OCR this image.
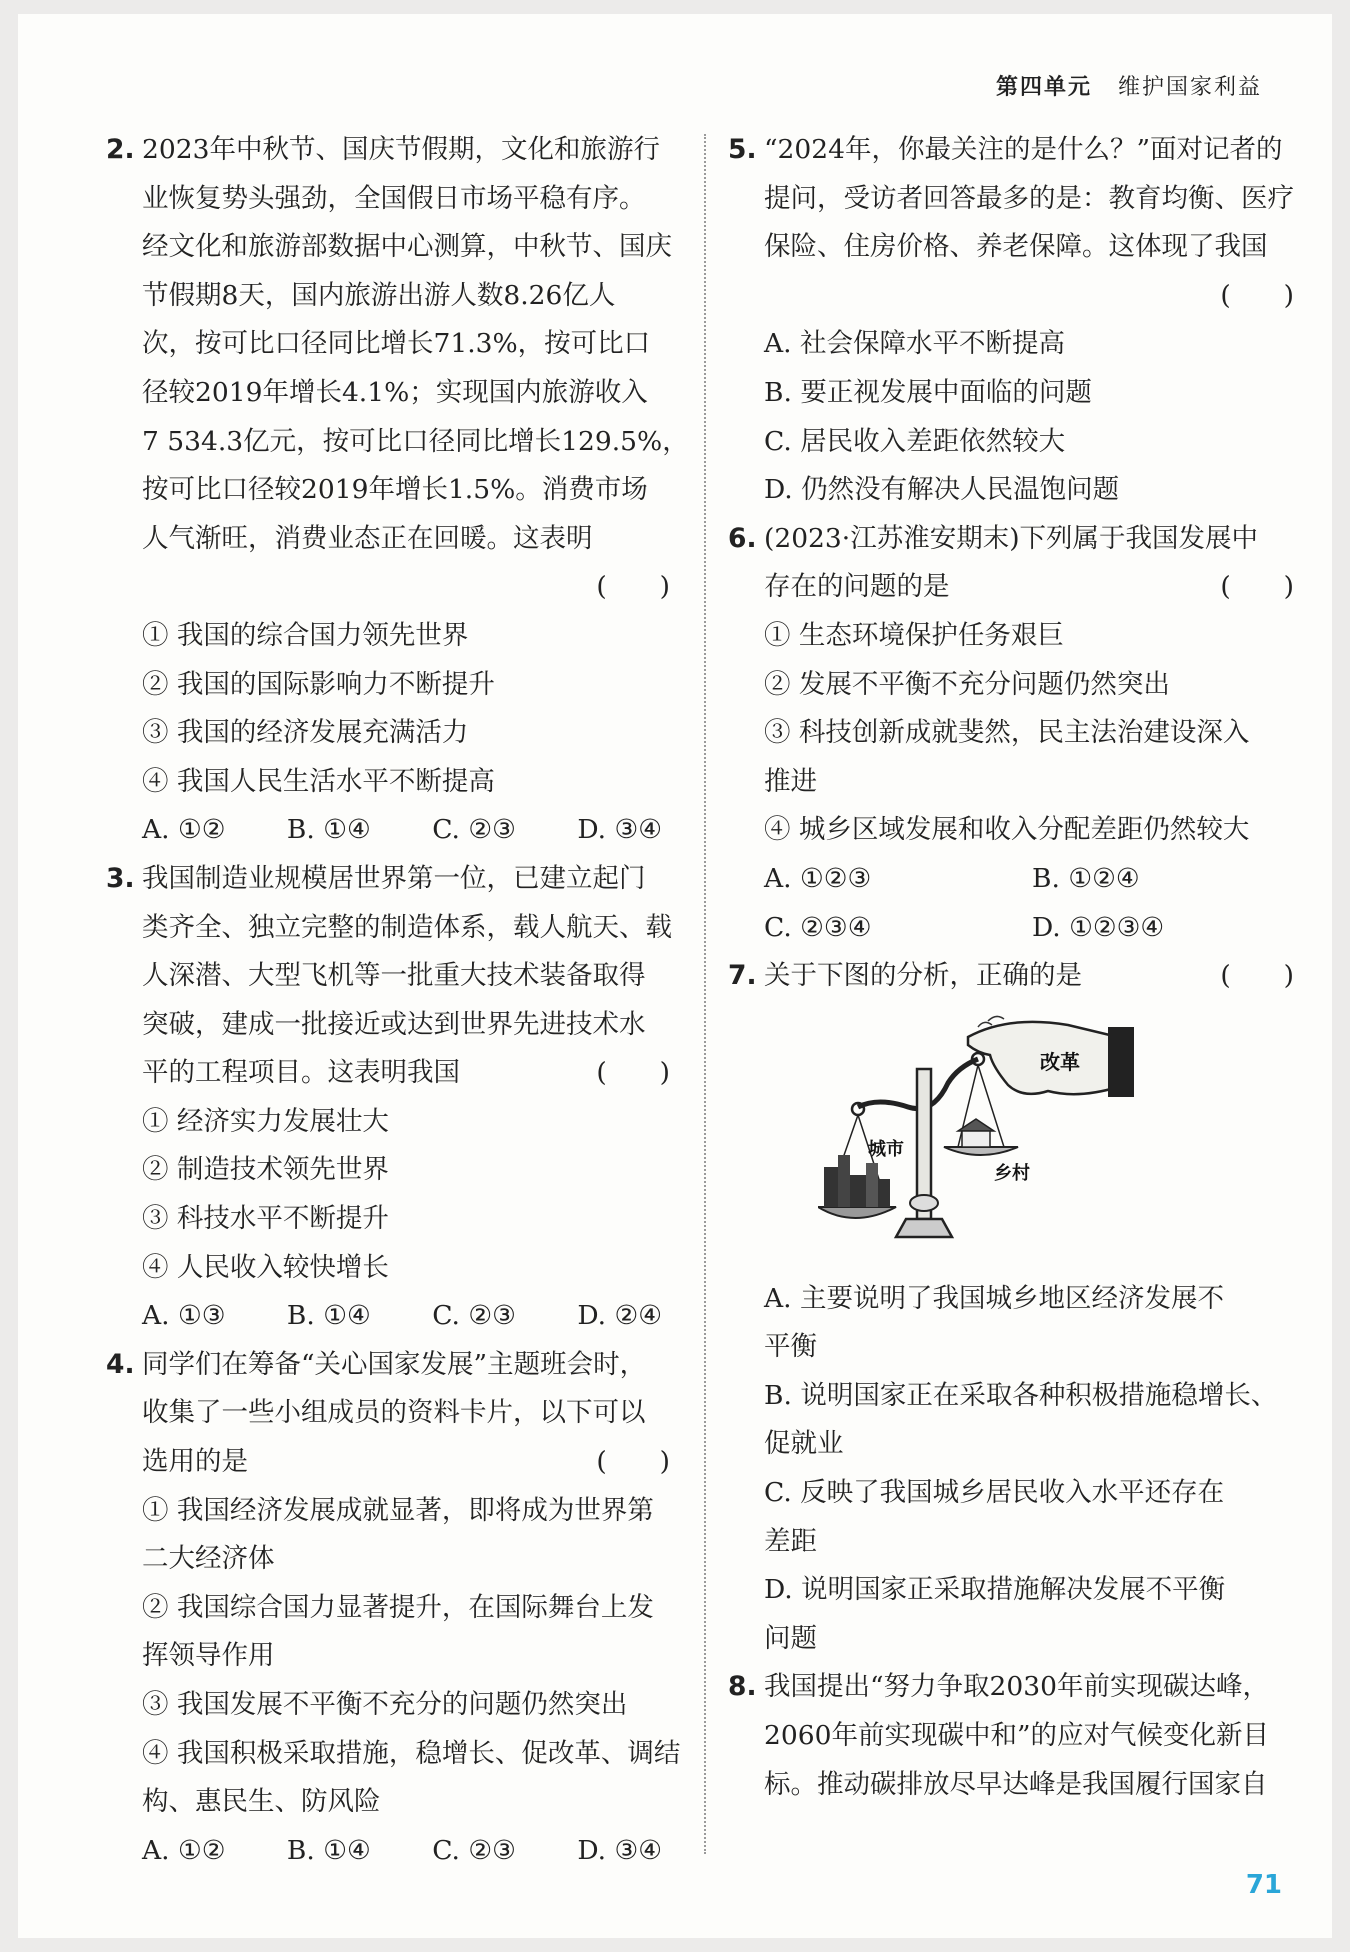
第四单元 维护国家利益
2. 2023年中秋节、国庆节假期，文化和旅游行
业恢复势头强劲，全国假日市场平稳有序。
经文化和旅游部数据中心测算，中秋节、国庆
节假期8天，国内旅游出游人数8.26亿人
次，按可比口径同比增长71.3%，按可比口
径较2019年增长4.1%；实现国内旅游收入
7 534.3亿元，按可比口径同比增长129.5%，
按可比口径较2019年增长1.5%。消费市场
人气渐旺，消费业态正在回暖。这表明
(　　)
① 我国的综合国力领先世界
② 我国的国际影响力不断提升
③ 我国的经济发展充满活力
④ 我国人民生活水平不断提高
A. ①② B. ①④ C. ②③ D. ③④
3. 我国制造业规模居世界第一位，已建立起门
类齐全、独立完整的制造体系，载人航天、载
人深潜、大型飞机等一批重大技术装备取得
突破，建成一批接近或达到世界先进技术水
平的工程项目。这表明我国	(　　)
① 经济实力发展壮大
② 制造技术领先世界
③ 科技水平不断提升
④ 人民收入较快增长
A. ①③ B. ①④ C. ②③ D. ②④
4. 同学们在筹备“关心国家发展”主题班会时，
收集了一些小组成员的资料卡片，以下可以
选用的是	(　　)
① 我国经济发展成就显著，即将成为世界第
二大经济体
② 我国综合国力显著提升，在国际舞台上发
挥领导作用
③ 我国发展不平衡不充分的问题仍然突出
④ 我国积极采取措施，稳增长、促改革、调结
构、惠民生、防风险
A. ①② B. ①④ C. ②③ D. ③④
5. “2024年，你最关注的是什么？”面对记者的
提问，受访者回答最多的是：教育均衡、医疗
保险、住房价格、养老保障。这体现了我国
(　　)
A. 社会保障水平不断提高
B. 要正视发展中面临的问题
C. 居民收入差距依然较大
D. 仍然没有解决人民温饱问题
6. (2023·江苏淮安期末)下列属于我国发展中
存在的问题的是	(　　)
① 生态环境保护任务艰巨
② 发展不平衡不充分问题仍然突出
③ 科技创新成就斐然，民主法治建设深入
推进
④ 城乡区域发展和收入分配差距仍然较大
A. ①②③	B. ①②④
C. ②③④	D. ①②③④
7. 关于下图的分析，正确的是	(　　)
改革
城市
乡村
A. 主要说明了我国城乡地区经济发展不
平衡
B. 说明国家正在采取各种积极措施稳增长、
促就业
C. 反映了我国城乡居民收入水平还存在
差距
D. 说明国家正采取措施解决发展不平衡
问题
8. 我国提出“努力争取2030年前实现碳达峰，
2060年前实现碳中和”的应对气候变化新目
标。推动碳排放尽早达峰是我国履行国家自
71
